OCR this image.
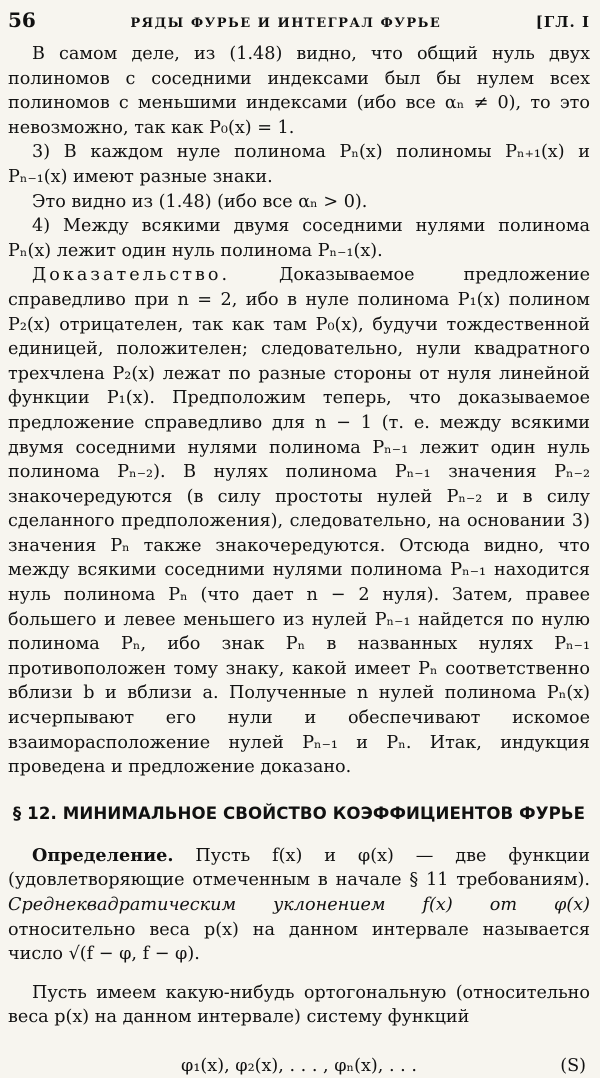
56	РЯДЫ ФУРЬЕ И ИНТЕГРАЛ ФУРЬЕ	[ГЛ. I

В самом деле, из (1.48) видно, что общий нуль двух полиномов с соседними индексами был бы нулем всех полиномов с меньшими индексами (ибо все αₙ ≠ 0), то это невозможно, так как P₀(x) = 1.

3) В каждом нуле полинома Pₙ(x) полиномы Pₙ₊₁(x) и Pₙ₋₁(x) имеют разные знаки.

Это видно из (1.48) (ибо все αₙ > 0).

4) Между всякими двумя соседними нулями полинома Pₙ(x) лежит один нуль полинома Pₙ₋₁(x).

Доказательство.	Доказываемое предложение справедливо при n = 2, ибо в нуле полинома P₁(x) полином P₂(x) отрицателен, так как там P₀(x), будучи тождественной единицей, положителен; следовательно, нули квадратного трехчлена P₂(x) лежат по разные стороны от нуля линейной функции P₁(x). Предположим теперь, что доказываемое предложение справедливо для n − 1 (т. е. между всякими двумя соседними нулями полинома Pₙ₋₁ лежит один нуль полинома Pₙ₋₂). В нулях полинома Pₙ₋₁ значения Pₙ₋₂ знакочередуются (в силу простоты нулей Pₙ₋₂ и в силу сделанного предположения), следовательно, на основании 3) значения Pₙ также знакочередуются. Отсюда видно, что между всякими соседними нулями полинома Pₙ₋₁ находится нуль полинома Pₙ (что дает n − 2 нуля). Затем, правее большего и левее меньшего из нулей Pₙ₋₁ найдется по нулю полинома Pₙ, ибо знак Pₙ в названных нулях Pₙ₋₁ противоположен тому знаку, какой имеет Pₙ соответственно вблизи b и вблизи a. Полученные n нулей полинома Pₙ(x) исчерпывают его нули и обеспечивают искомое взаиморасположение нулей Pₙ₋₁ и Pₙ. Итак, индукция проведена и предложение доказано.

§ 12. МИНИМАЛЬНОЕ СВОЙСТВО КОЭФФИЦИЕНТОВ ФУРЬЕ

Определение. Пусть f(x) и φ(x) — две функции (удовлетворяющие отмеченным в начале § 11 требованиям). Среднеквадратическим уклонением f(x) от φ(x) относительно веса p(x) на данном интервале называется число √(f − φ, f − φ).

Пусть имеем какую-нибудь ортогональную (относительно веса p(x) на данном интервале) систему функций

φ₁(x), φ₂(x), . . . , φₙ(x), . . .	(S)
